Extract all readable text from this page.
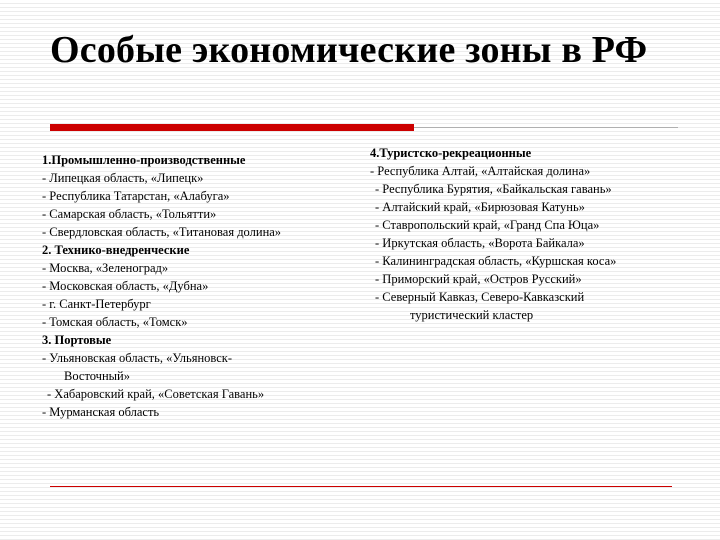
Особые экономические зоны в РФ
1.Промышленно-производственные
- Липецкая область, «Липецк»
- Республика Татарстан, «Алабуга»
- Самарская область, «Тольятти»
- Свердловская область, «Титановая долина»
2. Технико-внедренческие
- Москва, «Зеленоград»
- Московская область, «Дубна»
- г. Санкт-Петербург
- Томская область, «Томск»
3. Портовые
- Ульяновская область, «Ульяновск-
Восточный»
- Хабаровский край, «Советская Гавань»
- Мурманская область
4.Туристско-рекреационные
- Республика Алтай, «Алтайская долина»
- Республика Бурятия, «Байкальская гавань»
- Алтайский край, «Бирюзовая Катунь»
- Ставропольский край, «Гранд Спа Юца»
- Иркутская область, «Ворота Байкала»
- Калининградская область, «Куршская коса»
- Приморский край, «Остров Русский»
- Северный Кавказ, Северо-Кавказский
туристический кластер
